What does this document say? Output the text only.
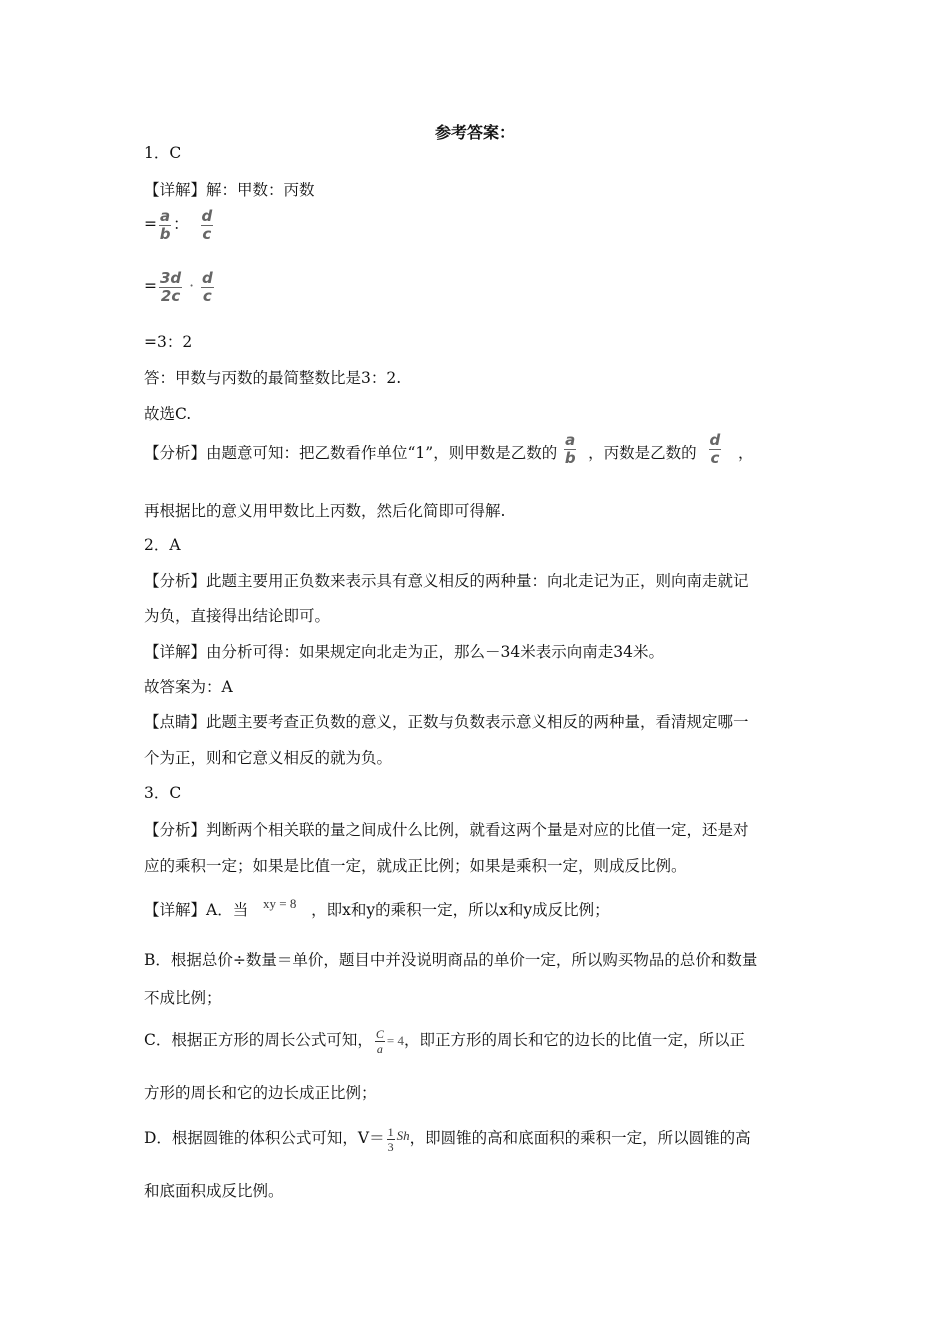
参考答案：
1．C
【详解】解：甲数：丙数
= $\frac{a}{b}$ ： $\frac{d}{c}$
= $\frac{3d}{2c} \cdot \frac{d}{c}$
=3：2
答：甲数与丙数的最简整数比是3：2.
故选C.
【分析】由题意可知：把乙数看作单位“1”，则甲数是乙数的 $\frac{a}{b}$ ，丙数是乙数的 $\frac{d}{c}$ ，
再根据比的意义用甲数比上丙数，然后化简即可得解.
2．A
【分析】此题主要用正负数来表示具有意义相反的两种量：向北走记为正，则向南走就记
为负，直接得出结论即可。
【详解】由分析可得：如果规定向北走为正，那么－34米表示向南走34米。
故答案为：A
【点睛】此题主要考查正负数的意义，正数与负数表示意义相反的两种量，看清规定哪一
个为正，则和它意义相反的就为负。
3．C
【分析】判断两个相关联的量之间成什么比例，就看这两个量是对应的比值一定，还是对
应的乘积一定；如果是比值一定，就成正比例；如果是乘积一定，则成反比例。
【详解】A．当 $^{xy = 8}$ ，即x和y的乘积一定，所以x和y成反比例；
B．根据总价÷数量＝单价，题目中并没说明商品的单价一定，所以购买物品的总价和数量
不成比例；
C．根据正方形的周长公式可知， $\frac{C}{a} = 4$，即正方形的周长和它的边长的比值一定，所以正
方形的周长和它的边长成正比例；
D．根据圆锥的体积公式可知，$V= \frac{1}{3} ^{Sh}$，即圆锥的高和底面积的乘积一定，所以圆锥的高
和底面积成反比例。
